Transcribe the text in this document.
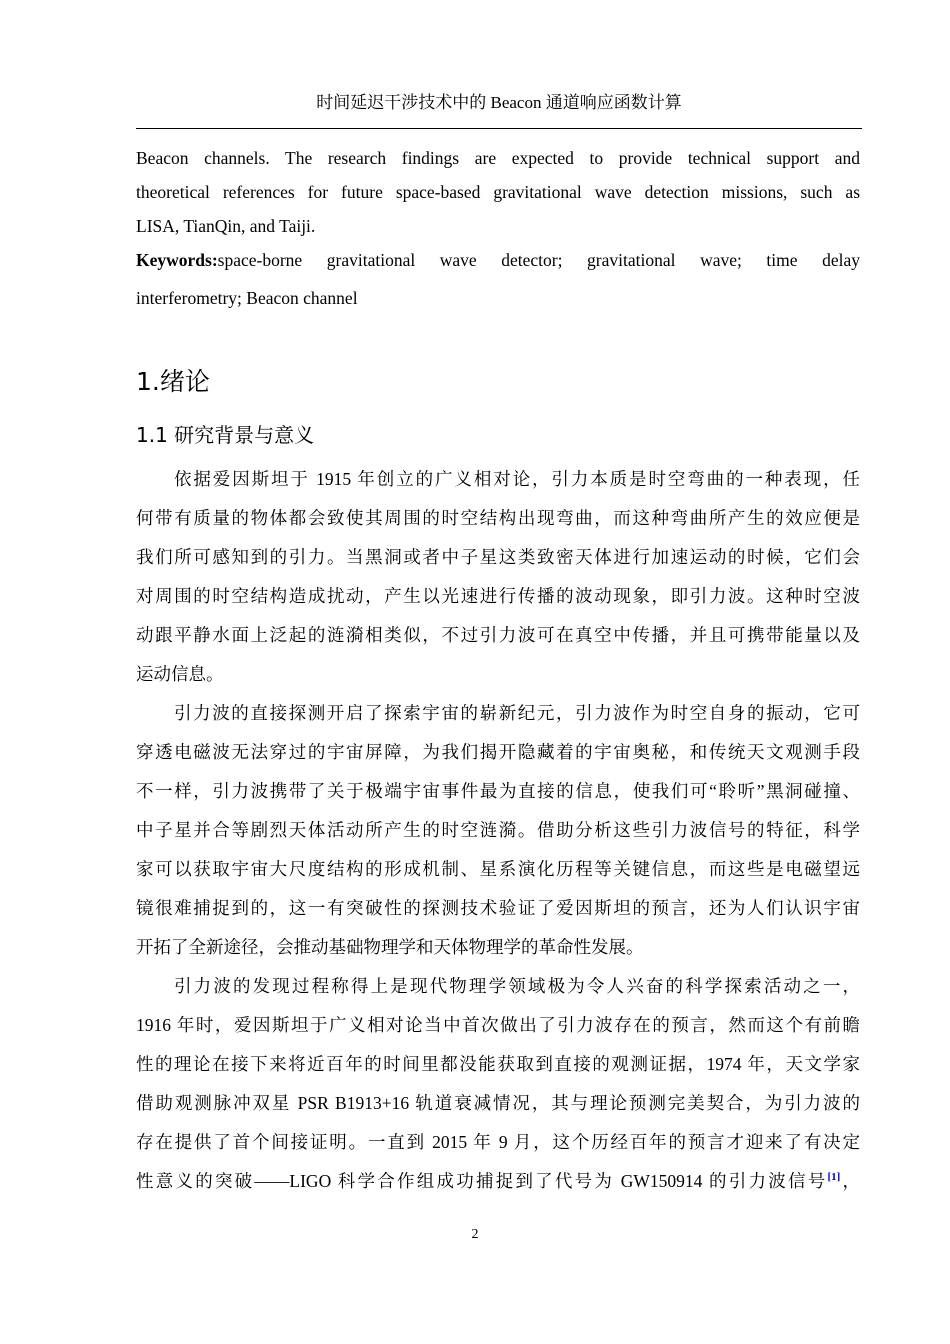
时间延迟干涉技术中的 Beacon 通道响应函数计算
Beacon channels. The research findings are expected to provide technical support and
theoretical references for future space-based gravitational wave detection missions, such as
LISA, TianQin, and Taiji.
Keywords:space-borne gravitational wave detector; gravitational wave; time delay
interferometry; Beacon channel
1.绪论
1.1 研究背景与意义
依据爱因斯坦于 1915 年创立的广义相对论，引力本质是时空弯曲的一种表现，任
何带有质量的物体都会致使其周围的时空结构出现弯曲，而这种弯曲所产生的效应便是
我们所可感知到的引力。当黑洞或者中子星这类致密天体进行加速运动的时候，它们会
对周围的时空结构造成扰动，产生以光速进行传播的波动现象，即引力波。这种时空波
动跟平静水面上泛起的涟漪相类似，不过引力波可在真空中传播，并且可携带能量以及
运动信息。
引力波的直接探测开启了探索宇宙的崭新纪元，引力波作为时空自身的振动，它可
穿透电磁波无法穿过的宇宙屏障，为我们揭开隐藏着的宇宙奥秘，和传统天文观测手段
不一样，引力波携带了关于极端宇宙事件最为直接的信息，使我们可“聆听”黑洞碰撞、
中子星并合等剧烈天体活动所产生的时空涟漪。借助分析这些引力波信号的特征，科学
家可以获取宇宙大尺度结构的形成机制、星系演化历程等关键信息，而这些是电磁望远
镜很难捕捉到的，这一有突破性的探测技术验证了爱因斯坦的预言，还为人们认识宇宙
开拓了全新途径，会推动基础物理学和天体物理学的革命性发展。
引力波的发现过程称得上是现代物理学领域极为令人兴奋的科学探索活动之一，
1916 年时，爱因斯坦于广义相对论当中首次做出了引力波存在的预言，然而这个有前瞻
性的理论在接下来将近百年的时间里都没能获取到直接的观测证据，1974 年，天文学家
借助观测脉冲双星 PSR B1913+16 轨道衰减情况，其与理论预测完美契合，为引力波的
存在提供了首个间接证明。一直到 2015 年 9 月，这个历经百年的预言才迎来了有决定
性意义的突破——LIGO 科学合作组成功捕捉到了代号为 GW150914 的引力波信号[1]，
2
